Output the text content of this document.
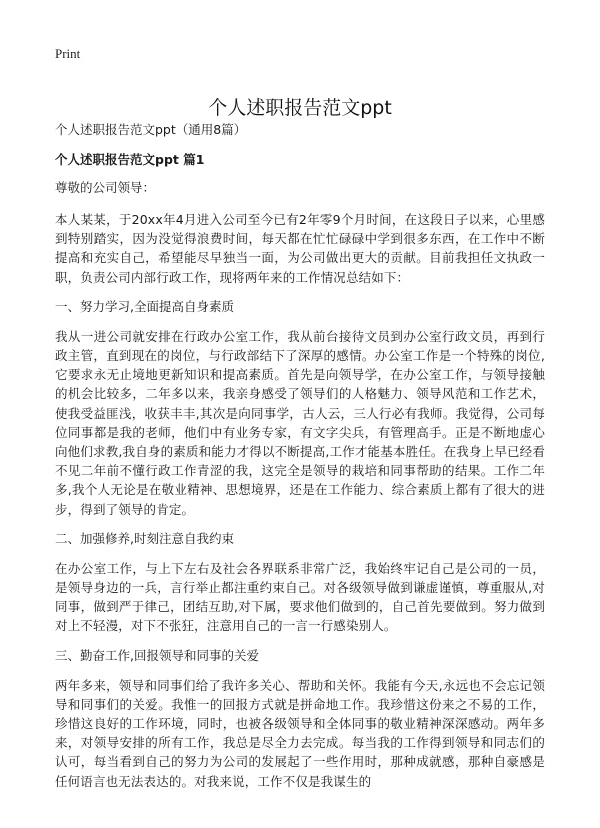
Print
个人述职报告范文ppt

个人述职报告范文ppt（通用8篇）

个人述职报告范文ppt 篇1

尊敬的公司领导：

本人某某，于20xx年4月进入公司至今已有2年零9个月时间，在这段日子以来，心里感到特别踏实，因为没觉得浪费时间，每天都在忙忙碌碌中学到很多东西，在工作中不断提高和充实自己，希望能尽早独当一面，为公司做出更大的贡献。目前我担任文执政一职，负责公司内部行政工作，现将两年来的工作情况总结如下：

一、努力学习,全面提高自身素质

我从一进公司就安排在行政办公室工作，我从前台接待文员到办公室行政文员，再到行政主管，直到现在的岗位，与行政部结下了深厚的感情。办公室工作是一个特殊的岗位,它要求永无止境地更新知识和提高素质。首先是向领导学，在办公室工作，与领导接触的机会比较多，二年多以来，我亲身感受了领导们的人格魅力、领导风范和工作艺术，使我受益匪浅，收获丰丰,其次是向同事学，古人云，三人行必有我师。我觉得，公司每位同事都是我的老师，他们中有业务专家，有文字尖兵，有管理高手。正是不断地虚心向他们求教,我自身的素质和能力才得以不断提高,工作才能基本胜任。在我身上早已经看不见二年前不懂行政工作青涩的我，这完全是领导的栽培和同事帮助的结果。工作二年多,我个人无论是在敬业精神、思想境界，还是在工作能力、综合素质上都有了很大的进步，得到了领导的肯定。

二、加强修养,时刻注意自我约束

在办公室工作，与上下左右及社会各界联系非常广泛，我始终牢记自己是公司的一员，是领导身边的一兵，言行举止都注重约束自己。对各级领导做到谦虚谨慎，尊重服从,对同事，做到严于律己，团结互助,对下属，要求他们做到的，自己首先要做到。努力做到对上不轻漫，对下不张狂，注意用自己的一言一行感染别人。

三、勤奋工作,回报领导和同事的关爱

两年多来，领导和同事们给了我许多关心、帮助和关怀。我能有今天,永远也不会忘记领导和同事们的关爱。我惟一的回报方式就是拼命地工作。我珍惜这份来之不易的工作，珍惜这良好的工作环境，同时，也被各级领导和全体同事的敬业精神深深感动。两年多来，对领导安排的所有工作，我总是尽全力去完成。每当我的工作得到领导和同志们的认可，每当看到自己的努力为公司的发展起了一些作用时，那种成就感，那种自豪感是任何语言也无法表达的。对我来说，工作不仅是我谋生的
